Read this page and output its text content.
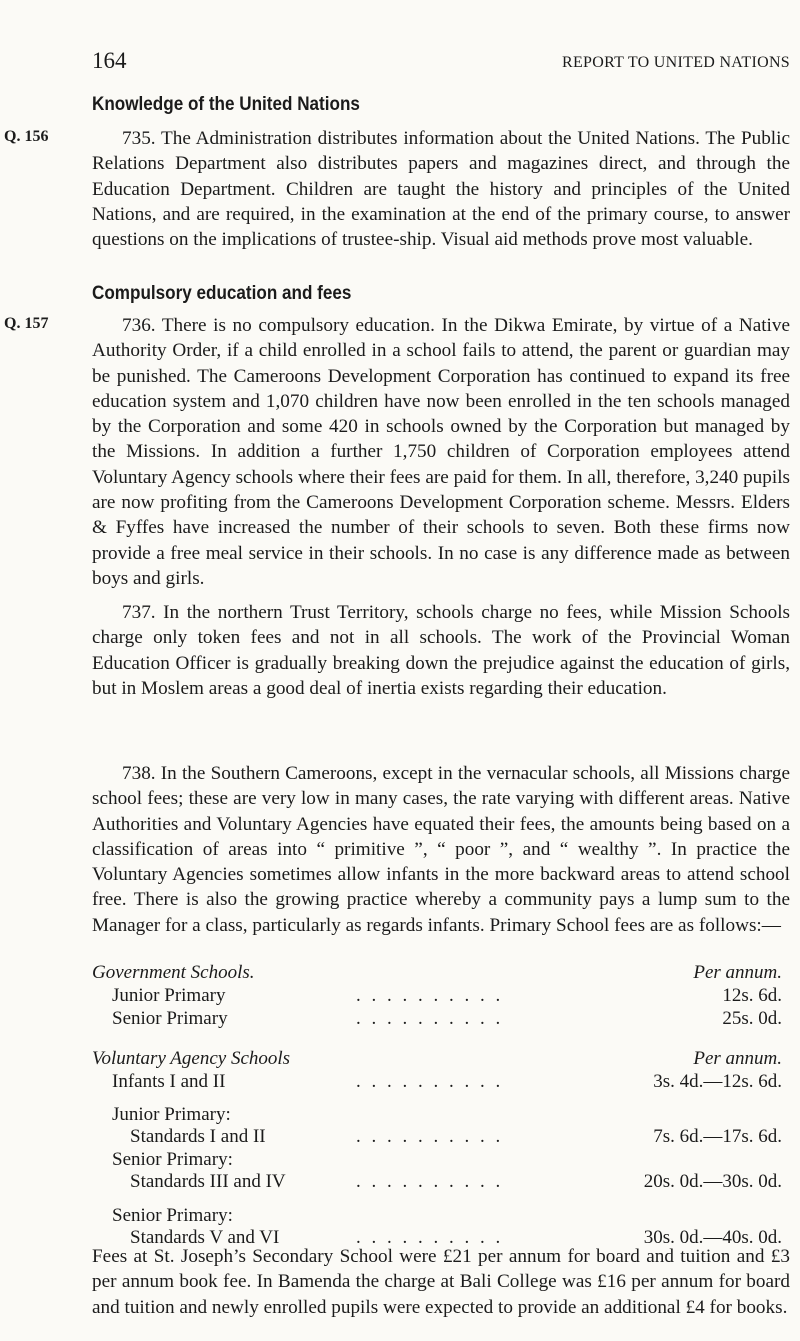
164	REPORT TO UNITED NATIONS
Knowledge of the United Nations
Q. 156	735. The Administration distributes information about the United Nations. The Public Relations Department also distributes papers and magazines direct, and through the Education Department. Children are taught the history and principles of the United Nations, and are required, in the examination at the end of the primary course, to answer questions on the implications of trustee-ship. Visual aid methods prove most valuable.

Compulsory education and fees
Q. 157	736. There is no compulsory education. In the Dikwa Emirate, by virtue of a Native Authority Order, if a child enrolled in a school fails to attend, the parent or guardian may be punished. The Cameroons Development Corporation has continued to expand its free education system and 1,070 children have now been enrolled in the ten schools managed by the Corporation and some 420 in schools owned by the Corporation but managed by the Missions. In addition a further 1,750 children of Corporation employees attend Voluntary Agency schools where their fees are paid for them. In all, therefore, 3,240 pupils are now profiting from the Cameroons Development Corporation scheme. Messrs. Elders & Fyffes have increased the number of their schools to seven. Both these firms now provide a free meal service in their schools. In no case is any difference made as between boys and girls.

737. In the northern Trust Territory, schools charge no fees, while Mission Schools charge only token fees and not in all schools. The work of the Provincial Woman Education Officer is gradually breaking down the prejudice against the education of girls, but in Moslem areas a good deal of inertia exists regarding their education.

738. In the Southern Cameroons, except in the vernacular schools, all Missions charge school fees; these are very low in many cases, the rate varying with different areas. Native Authorities and Voluntary Agencies have equated their fees, the amounts being based on a classification of areas into “ primitive ”, “ poor ”, and “ wealthy ”. In practice the Voluntary Agencies sometimes allow infants in the more backward areas to attend school free. There is also the growing practice whereby a community pays a lump sum to the Manager for a class, particularly as regards infants. Primary School fees are as follows:—

Government Schools.	Per annum.
Junior Primary	. . . . . . . . . .	12s. 6d.
Senior Primary	. . . . . . . . . .	25s. 0d.
Voluntary Agency Schools	Per annum.
Infants I and II	. . . . . . . . . .	3s. 4d.—12s. 6d.
Junior Primary:
Standards I and II	. . . . . . . . . .	7s. 6d.—17s. 6d.
Senior Primary:
Standards III and IV	. . . . . . . . . .	20s. 0d.—30s. 0d.
Senior Primary:
Standards V and VI	. . . . . . . . . .	30s. 0d.—40s. 0d.

Fees at St. Joseph’s Secondary School were £21 per annum for board and tuition and £3 per annum book fee. In Bamenda the charge at Bali College was £16 per annum for board and tuition and newly enrolled pupils were expected to provide an additional £4 for books.
